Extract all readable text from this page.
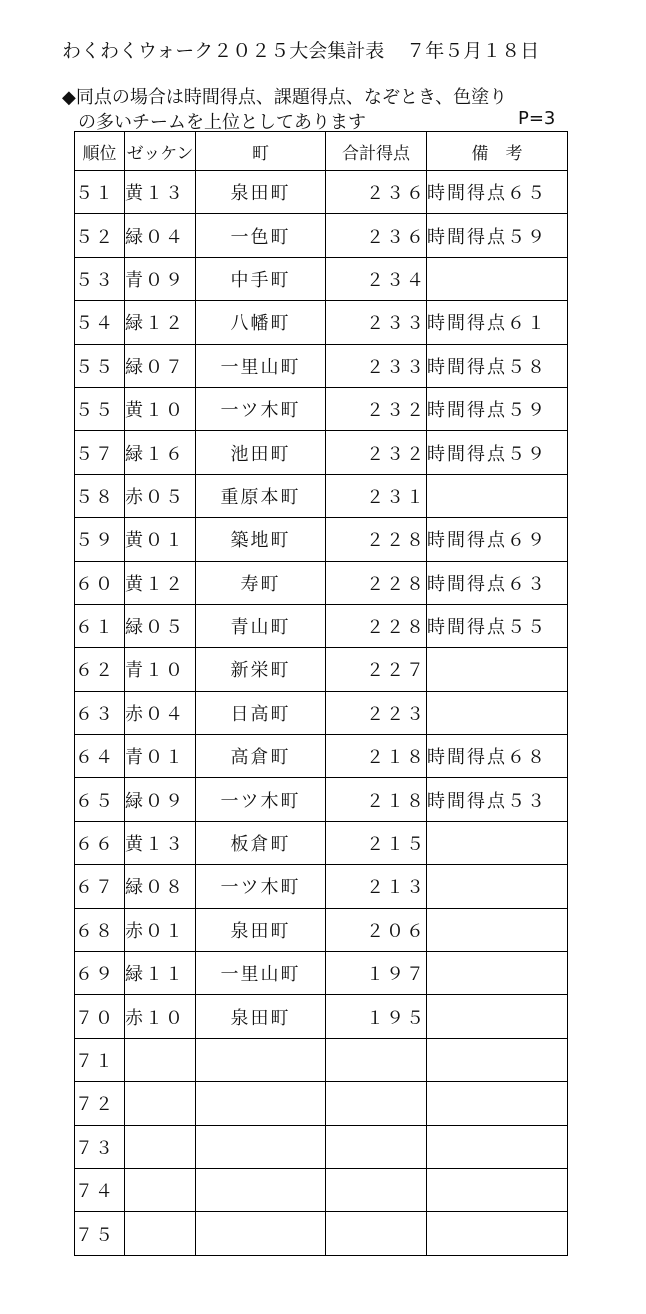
わくわくウォーク２０２５大会集計表 ７年５月１８日
◆同点の場合は時間得点、課題得点、なぞとき、色塗り
の多いチームを上位としてあります	P=3
順位	ゼッケン	町	合計得点	備　考
５１	黄１３	泉田町	２３６	時間得点６５
５２	緑０４	一色町	２３６	時間得点５９
５３	青０９	中手町	２３４	
５４	緑１２	八幡町	２３３	時間得点６１
５５	緑０７	一里山町	２３３	時間得点５８
５５	黄１０	一ツ木町	２３２	時間得点５９
５７	緑１６	池田町	２３２	時間得点５９
５８	赤０５	重原本町	２３１	
５９	黄０１	築地町	２２８	時間得点６９
６０	黄１２	寿町	２２８	時間得点６３
６１	緑０５	青山町	２２８	時間得点５５
６２	青１０	新栄町	２２７	
６３	赤０４	日高町	２２３	
６４	青０１	高倉町	２１８	時間得点６８
６５	緑０９	一ツ木町	２１８	時間得点５３
６６	黄１３	板倉町	２１５	
６７	緑０８	一ツ木町	２１３	
６８	赤０１	泉田町	２０６	
６９	緑１１	一里山町	１９７	
７０	赤１０	泉田町	１９５	
７１				
７２				
７３				
７４				
７５				
